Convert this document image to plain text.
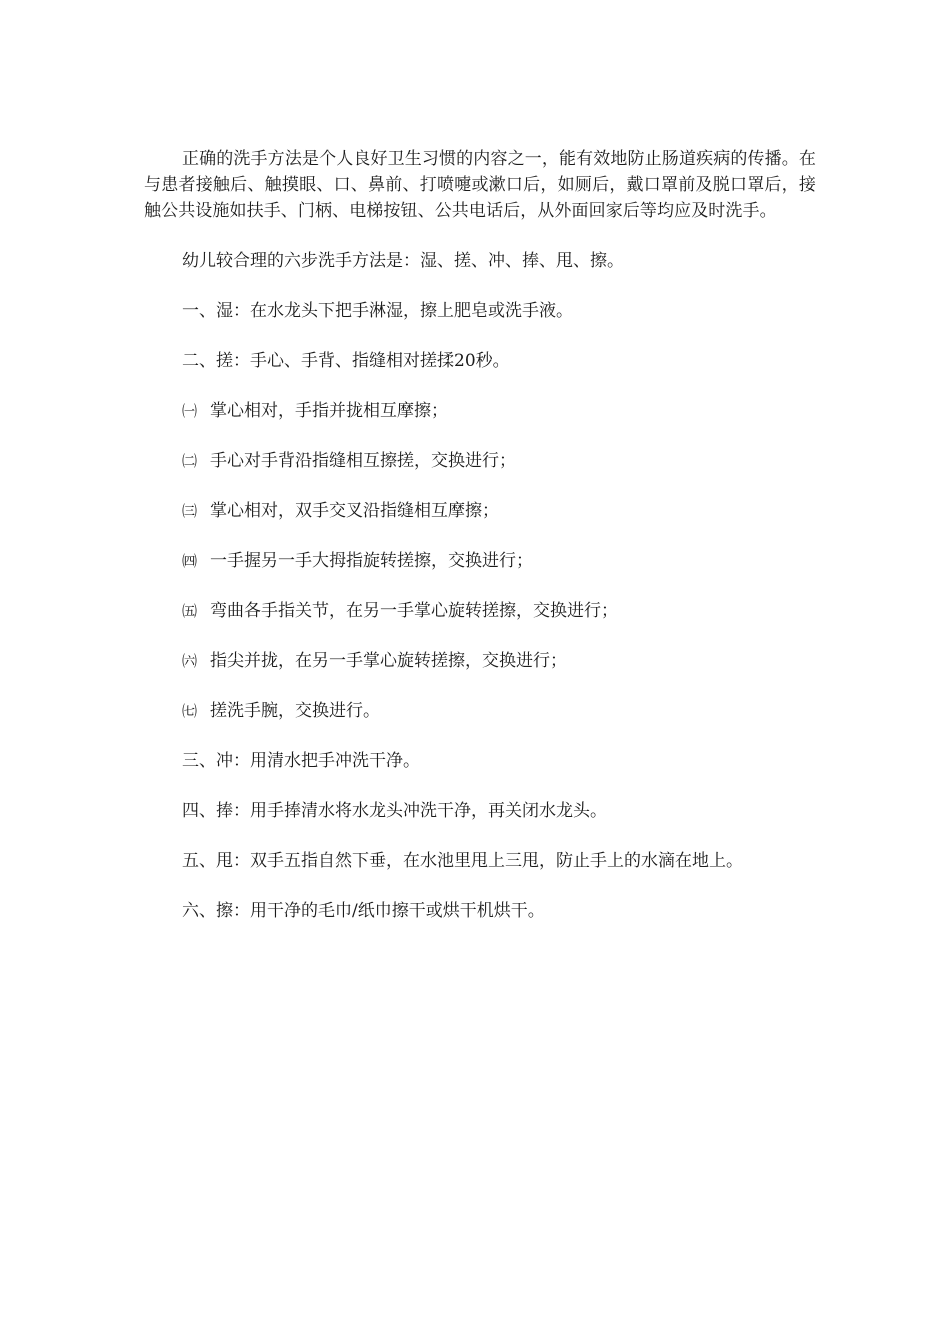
正确的洗手方法是个人良好卫生习惯的内容之一，能有效地防止肠道疾病的传播。在与患者接触后、触摸眼、口、鼻前、打喷嚏或漱口后，如厕后，戴口罩前及脱口罩后，接触公共设施如扶手、门柄、电梯按钮、公共电话后，从外面回家后等均应及时洗手。

幼儿较合理的六步洗手方法是：湿、搓、冲、捧、甩、擦。

一、湿：在水龙头下把手淋湿，擦上肥皂或洗手液。

二、搓：手心、手背、指缝相对搓揉20秒。

㈠ 掌心相对，手指并拢相互摩擦；

㈡ 手心对手背沿指缝相互擦搓，交换进行；

㈢ 掌心相对，双手交叉沿指缝相互摩擦；

㈣ 一手握另一手大拇指旋转搓擦，交换进行；

㈤ 弯曲各手指关节，在另一手掌心旋转搓擦，交换进行；

㈥ 指尖并拢，在另一手掌心旋转搓擦，交换进行；

㈦ 搓洗手腕，交换进行。

三、冲：用清水把手冲洗干净。

四、捧：用手捧清水将水龙头冲洗干净，再关闭水龙头。

五、甩：双手五指自然下垂，在水池里甩上三甩，防止手上的水滴在地上。

六、擦：用干净的毛巾/纸巾擦干或烘干机烘干。
